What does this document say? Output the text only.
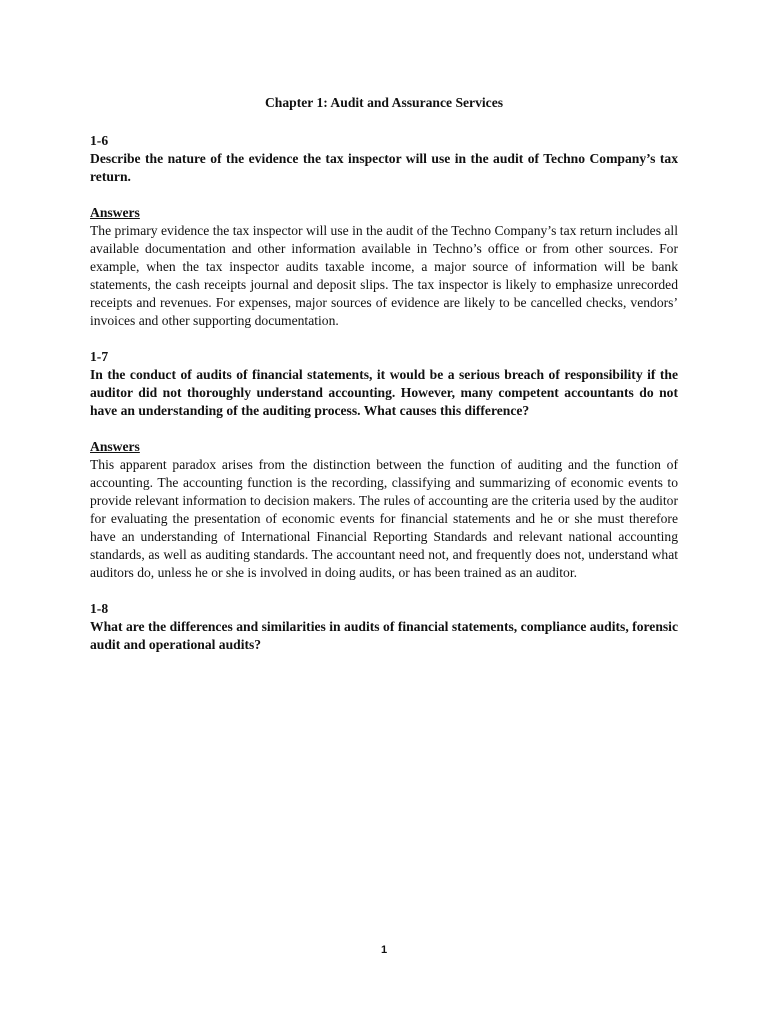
Chapter 1: Audit and Assurance Services

1-6

Describe the nature of the evidence the tax inspector will use in the audit of Techno Company’s tax return.

Answers

The primary evidence the tax inspector will use in the audit of the Techno Company’s tax return includes all available documentation and other information available in Techno’s office or from other sources. For example, when the tax inspector audits taxable income, a major source of information will be bank statements, the cash receipts journal and deposit slips. The tax inspector is likely to emphasize unrecorded receipts and revenues. For expenses, major sources of evidence are likely to be cancelled checks, vendors’ invoices and other supporting documentation.

1-7

In the conduct of audits of financial statements, it would be a serious breach of responsibility if the auditor did not thoroughly understand accounting. However, many competent accountants do not have an understanding of the auditing process. What causes this difference?

Answers

This apparent paradox arises from the distinction between the function of auditing and the function of accounting. The accounting function is the recording, classifying and summarizing of economic events to provide relevant information to decision makers. The rules of accounting are the criteria used by the auditor for evaluating the presentation of economic events for financial statements and he or she must therefore have an understanding of International Financial Reporting Standards and relevant national accounting standards, as well as auditing standards. The accountant need not, and frequently does not, understand what auditors do, unless he or she is involved in doing audits, or has been trained as an auditor.

1-8

What are the differences and similarities in audits of financial statements, compliance audits, forensic audit and operational audits?

1
